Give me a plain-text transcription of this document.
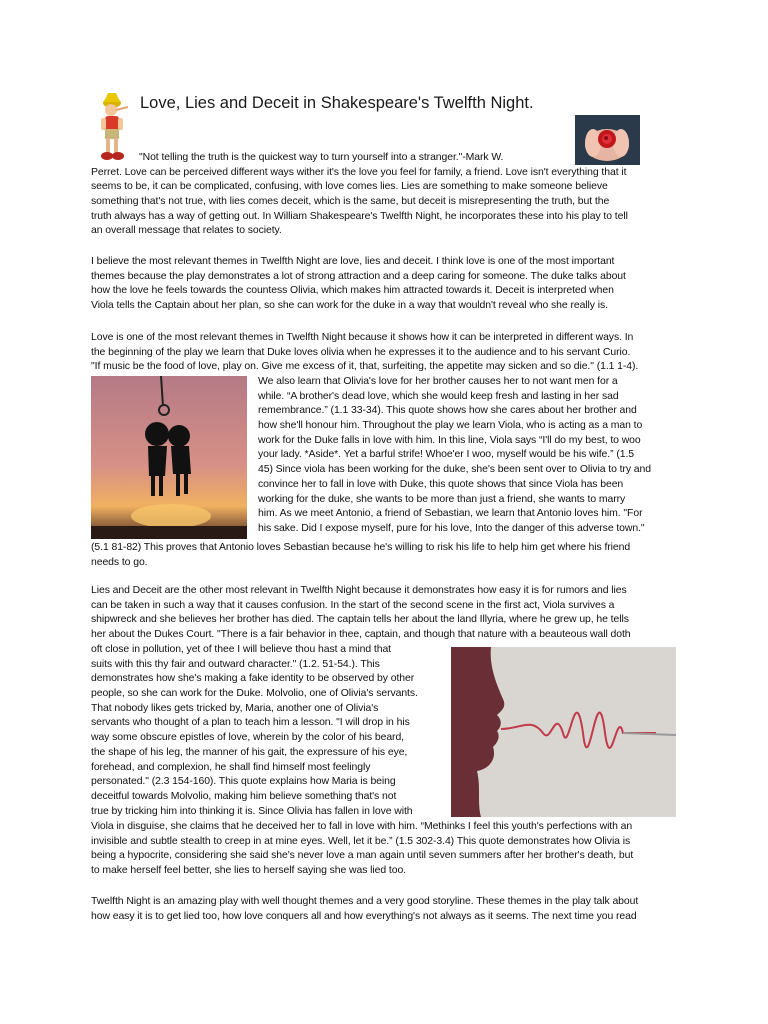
Love, Lies and Deceit in Shakespeare's Twelfth Night.
"Not telling the truth is the quickest way to turn yourself into a stranger."-Mark W.
Perret. Love can be perceived different ways wither it's the love you feel for family, a friend. Love isn't everything that it
seems to be, it can be complicated, confusing, with love comes lies. Lies are something to make someone believe
something that's not true, with lies comes deceit, which is the same, but deceit is misrepresenting the truth, but the
truth always has a way of getting out. In William Shakespeare's Twelfth Night, he incorporates these into his play to tell
an overall message that relates to society.
I believe the most relevant themes in Twelfth Night are love, lies and deceit. I think love is one of the most important
themes because the play demonstrates a lot of strong attraction and a deep caring for someone. The duke talks about
how the love he feels towards the countess Olivia, which makes him attracted towards it. Deceit is interpreted when
Viola tells the Captain about her plan, so she can work for the duke in a way that wouldn't reveal who she really is.
Love is one of the most relevant themes in Twelfth Night because it shows how it can be interpreted in different ways. In
the beginning of the play we learn that Duke loves olivia when he expresses it to the audience and to his servant Curio.
"If music be the food of love, play on. Give me excess of it, that, surfeiting, the appetite may sicken and so die." (1.1 1-4).
We also learn that Olivia's love for her brother causes her to not want men for a
while. “A brother's dead love, which she would keep fresh and lasting in her sad
remembrance.” (1.1 33-34). This quote shows how she cares about her brother and
how she'll honour him. Throughout the play we learn Viola, who is acting as a man to
work for the Duke falls in love with him. In this line, Viola says “I'll do my best, to woo
your lady. *Aside*. Yet a barful strife! Whoe'er I woo, myself would be his wife.” (1.5
45) Since viola has been working for the duke, she's been sent over to Olivia to try and
convince her to fall in love with Duke, this quote shows that since Viola has been
working for the duke, she wants to be more than just a friend, she wants to marry
him. As we meet Antonio, a friend of Sebastian, we learn that Antonio loves him. "For
his sake. Did I expose myself, pure for his love, Into the danger of this adverse town."
(5.1 81-82) This proves that Antonio loves Sebastian because he's willing to risk his life to help him get where his friend
needs to go.
Lies and Deceit are the other most relevant in Twelfth Night because it demonstrates how easy it is for rumors and lies
can be taken in such a way that it causes confusion. In the start of the second scene in the first act, Viola survives a
shipwreck and she believes her brother has died. The captain tells her about the land Illyria, where he grew up, he tells
her about the Dukes Court. "There is a fair behavior in thee, captain, and though that nature with a beauteous wall doth
oft close in pollution, yet of thee I will believe thou hast a mind that
suits with this thy fair and outward character." (1.2. 51-54.). This
demonstrates how she's making a fake identity to be observed by other
people, so she can work for the Duke. Molvolio, one of Olivia's servants.
That nobody likes gets tricked by, Maria, another one of Olivia's
servants who thought of a plan to teach him a lesson. "I will drop in his
way some obscure epistles of love, wherein by the color of his beard,
the shape of his leg, the manner of his gait, the expressure of his eye,
forehead, and complexion, he shall find himself most feelingly
personated." (2.3 154-160). This quote explains how Maria is being
deceitful towards Molvolio, making him believe something that's not
true by tricking him into thinking it is. Since Olivia has fallen in love with
Viola in disguise, she claims that he deceived her to fall in love with him. “Methinks I feel this youth's perfections with an
invisible and subtle stealth to creep in at mine eyes. Well, let it be.” (1.5 302-3.4) This quote demonstrates how Olivia is
being a hypocrite, considering she said she's never love a man again until seven summers after her brother's death, but
to make herself feel better, she lies to herself saying she was lied too.
Twelfth Night is an amazing play with well thought themes and a very good storyline. These themes in the play talk about
how easy it is to get lied too, how love conquers all and how everything's not always as it seems. The next time you read
